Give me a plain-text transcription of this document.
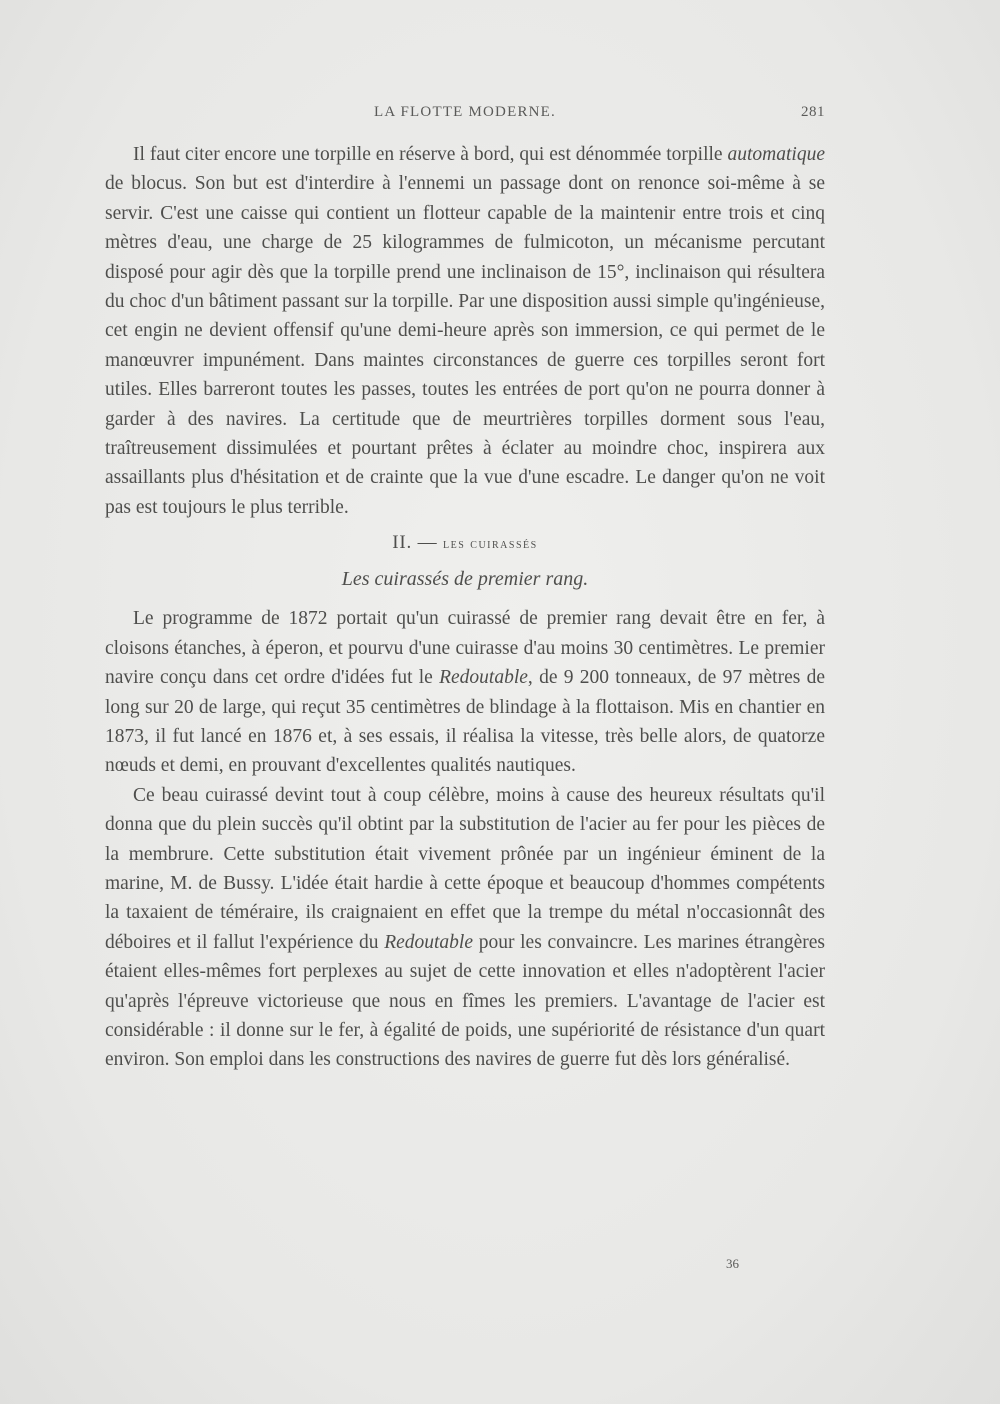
LA FLOTTE MODERNE.	281

Il faut citer encore une torpille en réserve à bord, qui est dénommée torpille automatique de blocus. Son but est d'interdire à l'ennemi un passage dont on renonce soi-même à se servir. C'est une caisse qui contient un flotteur capable de la maintenir entre trois et cinq mètres d'eau, une charge de 25 kilogrammes de fulmicoton, un mécanisme percutant disposé pour agir dès que la torpille prend une inclinaison de 15°, inclinaison qui résultera du choc d'un bâtiment passant sur la torpille. Par une disposition aussi simple qu'ingénieuse, cet engin ne devient offensif qu'une demi-heure après son immersion, ce qui permet de le manœuvrer impunément. Dans maintes circonstances de guerre ces torpilles seront fort utiles. Elles barreront toutes les passes, toutes les entrées de port qu'on ne pourra donner à garder à des navires. La certitude que de meurtrières torpilles dorment sous l'eau, traîtreusement dissimulées et pourtant prêtes à éclater au moindre choc, inspirera aux assaillants plus d'hésitation et de crainte que la vue d'une escadre. Le danger qu'on ne voit pas est toujours le plus terrible.

II. — les cuirassés
Les cuirassés de premier rang.

Le programme de 1872 portait qu'un cuirassé de premier rang devait être en fer, à cloisons étanches, à éperon, et pourvu d'une cuirasse d'au moins 30 centimètres. Le premier navire conçu dans cet ordre d'idées fut le Redoutable, de 9 200 tonneaux, de 97 mètres de long sur 20 de large, qui reçut 35 centimètres de blindage à la flottaison. Mis en chantier en 1873, il fut lancé en 1876 et, à ses essais, il réalisa la vitesse, très belle alors, de quatorze nœuds et demi, en prouvant d'excellentes qualités nautiques.

Ce beau cuirassé devint tout à coup célèbre, moins à cause des heureux résultats qu'il donna que du plein succès qu'il obtint par la substitution de l'acier au fer pour les pièces de la membrure. Cette substitution était vivement prônée par un ingénieur éminent de la marine, M. de Bussy. L'idée était hardie à cette époque et beaucoup d'hommes compétents la taxaient de téméraire, ils craignaient en effet que la trempe du métal n'occasionnât des déboires et il fallut l'expérience du Redoutable pour les convaincre. Les marines étrangères étaient elles-mêmes fort perplexes au sujet de cette innovation et elles n'adoptèrent l'acier qu'après l'épreuve victorieuse que nous en fîmes les premiers. L'avantage de l'acier est considérable : il donne sur le fer, à égalité de poids, une supériorité de résistance d'un quart environ. Son emploi dans les constructions des navires de guerre fut dès lors généralisé.

36
